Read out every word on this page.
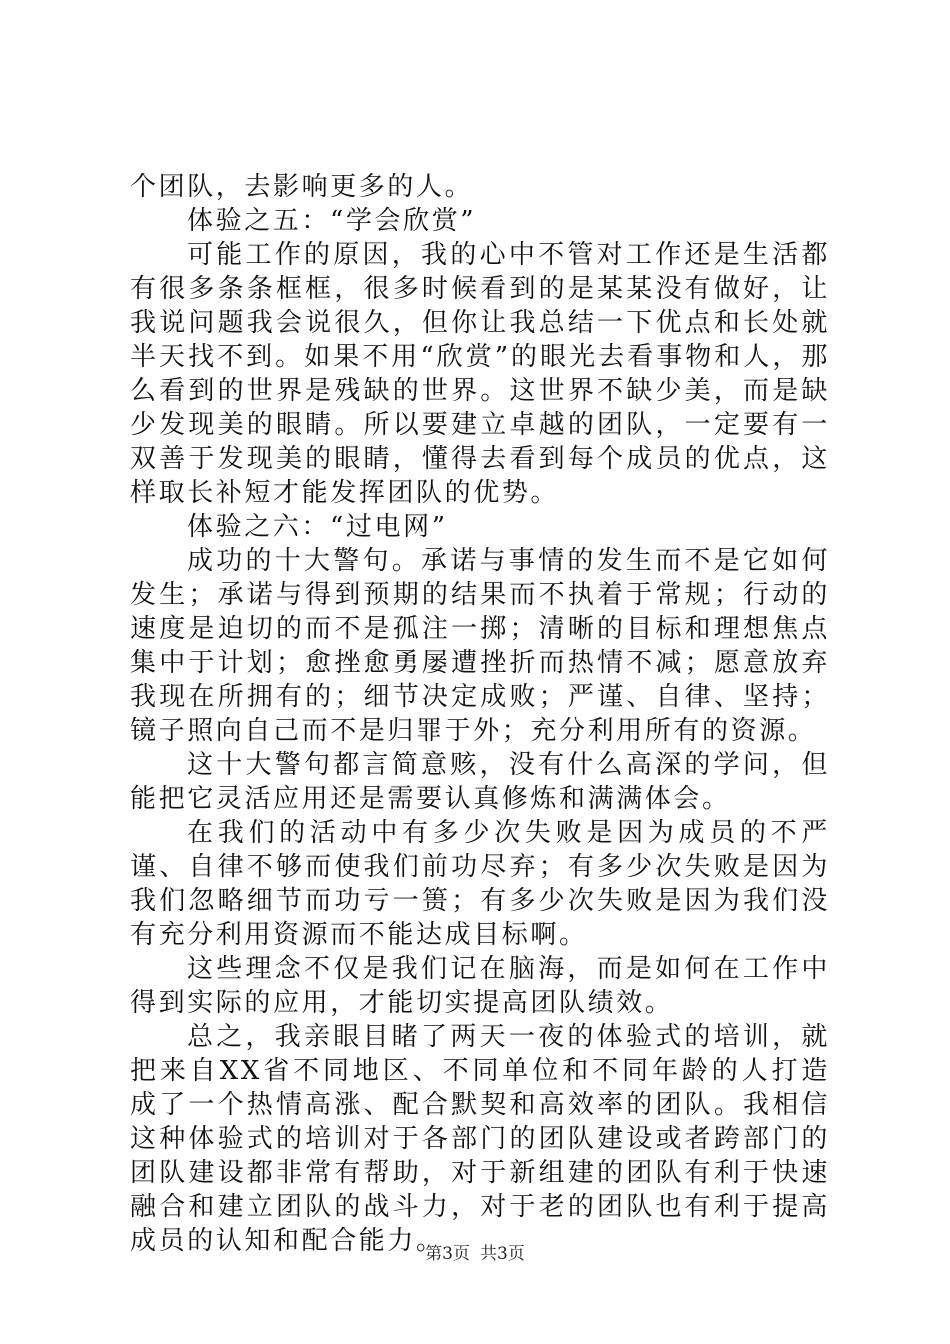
个团队，去影响更多的人。

体验之五：“学会欣赏”

可能工作的原因，我的心中不管对工作还是生活都有很多条条框框，很多时候看到的是某某没有做好，让我说问题我会说很久，但你让我总结一下优点和长处就半天找不到。如果不用“欣赏”的眼光去看事物和人，那么看到的世界是残缺的世界。这世界不缺少美，而是缺少发现美的眼睛。所以要建立卓越的团队，一定要有一双善于发现美的眼睛，懂得去看到每个成员的优点，这样取长补短才能发挥团队的优势。

体验之六：“过电网”

成功的十大警句。承诺与事情的发生而不是它如何发生；承诺与得到预期的结果而不执着于常规；行动的速度是迫切的而不是孤注一掷；清晰的目标和理想焦点集中于计划；愈挫愈勇屡遭挫折而热情不减；愿意放弃我现在所拥有的；细节决定成败；严谨、自律、坚持；镜子照向自己而不是归罪于外；充分利用所有的资源。

这十大警句都言简意赅，没有什么高深的学问，但能把它灵活应用还是需要认真修炼和满满体会。

在我们的活动中有多少次失败是因为成员的不严谨、自律不够而使我们前功尽弃；有多少次失败是因为我们忽略细节而功亏一篑；有多少次失败是因为我们没有充分利用资源而不能达成目标啊。

这些理念不仅是我们记在脑海，而是如何在工作中得到实际的应用，才能切实提高团队绩效。

总之，我亲眼目睹了两天一夜的体验式的培训，就把来自XX省不同地区、不同单位和不同年龄的人打造成了一个热情高涨、配合默契和高效率的团队。我相信这种体验式的培训对于各部门的团队建设或者跨部门的团队建设都非常有帮助，对于新组建的团队有利于快速融合和建立团队的战斗力，对于老的团队也有利于提高成员的认知和配合能力。

第3页 共3页
